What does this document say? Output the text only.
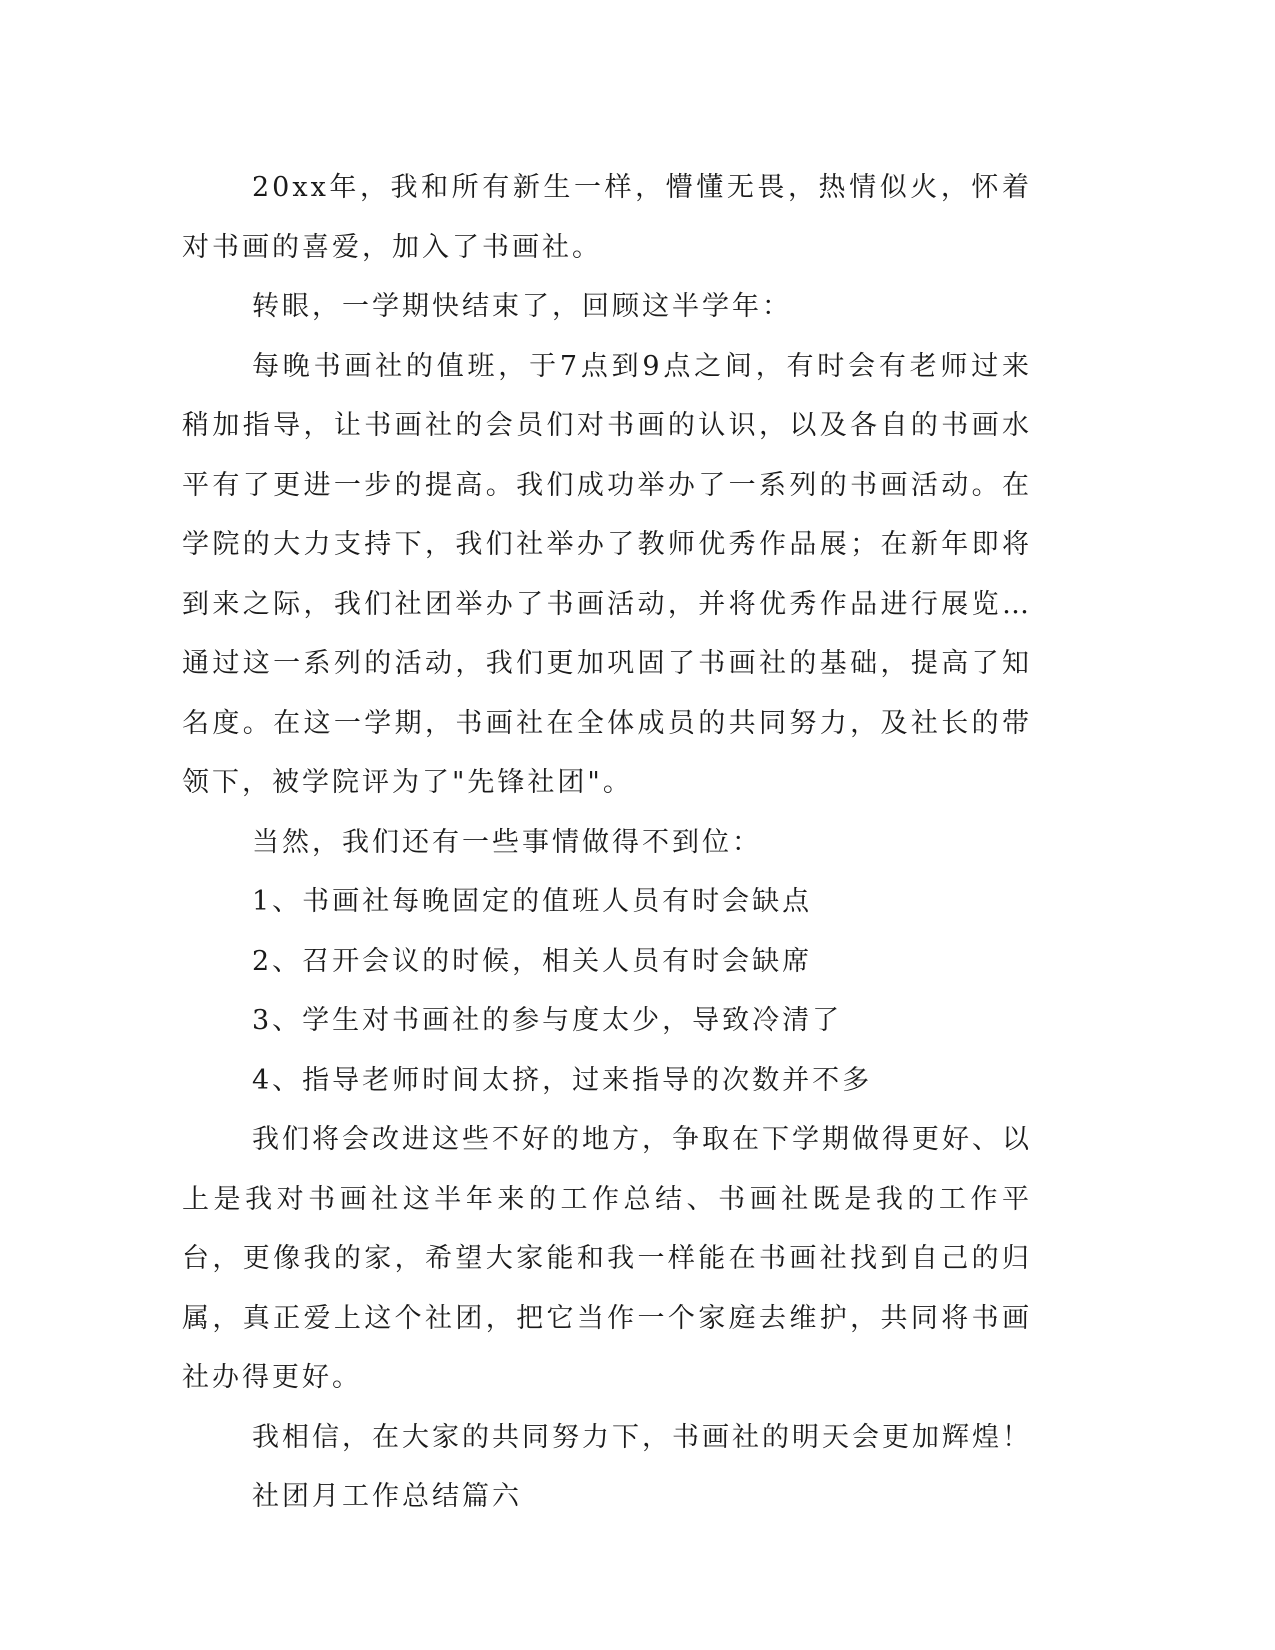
20xx年，我和所有新生一样，懵懂无畏，热情似火，怀着对书画的喜爱，加入了书画社。

转眼，一学期快结束了，回顾这半学年：

每晚书画社的值班，于7点到9点之间，有时会有老师过来稍加指导，让书画社的会员们对书画的认识，以及各自的书画水平有了更进一步的提高。我们成功举办了一系列的书画活动。在学院的大力支持下，我们社举办了教师优秀作品展；在新年即将到来之际，我们社团举办了书画活动，并将优秀作品进行展览…通过这一系列的活动，我们更加巩固了书画社的基础，提高了知名度。在这一学期，书画社在全体成员的共同努力，及社长的带领下，被学院评为了"先锋社团"。

当然，我们还有一些事情做得不到位：

1、书画社每晚固定的值班人员有时会缺点

2、召开会议的时候，相关人员有时会缺席

3、学生对书画社的参与度太少，导致冷清了

4、指导老师时间太挤，过来指导的次数并不多

我们将会改进这些不好的地方，争取在下学期做得更好、以上是我对书画社这半年来的工作总结、书画社既是我的工作平台，更像我的家，希望大家能和我一样能在书画社找到自己的归属，真正爱上这个社团，把它当作一个家庭去维护，共同将书画社办得更好。

我相信，在大家的共同努力下，书画社的明天会更加辉煌！

社团月工作总结篇六
